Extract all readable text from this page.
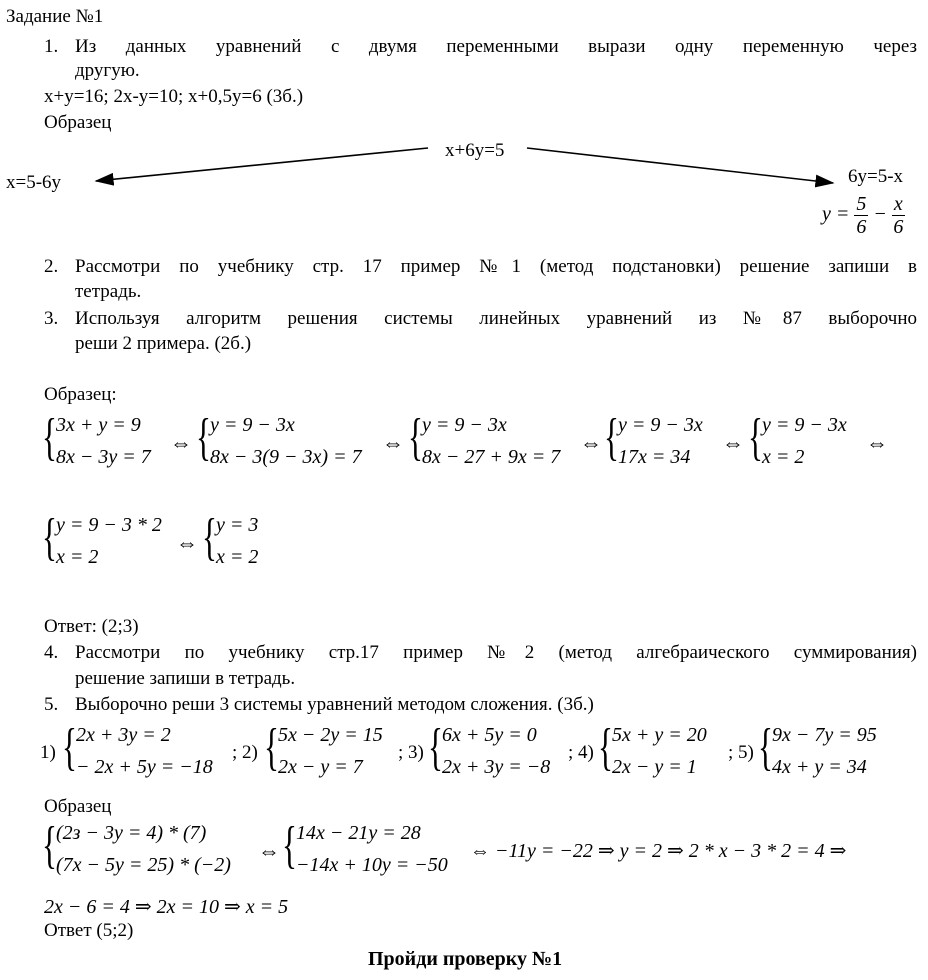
Задание №1
1. Из данных уравнений с двумя переменными вырази одну переменную через
другую.
x+y=16; 2x-y=10; x+0,5y=6 (3б.)
Образец
x+6y=5
x=5-6y	6y=5-x
$y = \frac{5}{6} - \frac{x}{6}$
2. Рассмотри по учебнику стр. 17 пример №1 (метод подстановки) решение запиши в
тетрадь.
3. Используя алгоритм решения системы линейных уравнений из №87 выборочно
реши 2 примера. (2б.)
Образец:
{ 3x + y = 9
8x − 3y = 7
⇔ { y = 9 − 3x
8x − 3(9 − 3x) = 7
⇔ { y = 9 − 3x
8x − 27 + 9x = 7
⇔ { y = 9 − 3x
17x = 34
⇔ { y = 9 − 3x
x = 2
⇔
{ y = 9 − 3 * 2
x = 2
⇔ { y = 3
x = 2
Ответ: (2;3)
4. Рассмотри по учебнику стр.17 пример №2 (метод алгебраического суммирования)
решение запиши в тетрадь.
5. Выборочно реши 3 системы уравнений методом сложения. (3б.)
1) { 2x + 3y = 2
− 2x + 5y = −18
; 2) { 5x − 2y = 15
2x − y = 7
; 3) { 6x + 5y = 0
2x + 3y = −8
; 4) { 5x + y = 20
2x − y = 1
; 5) { 9x − 7y = 95
4x + y = 34
Образец
{ (2з − 3y = 4) * (7)
(7x − 5y = 25) * (−2)
⇔ { 14x − 21y = 28
−14x + 10y = −50
⇔ −11y = −22 ⇒ y = 2 ⇒ 2 * x − 3 * 2 = 4 ⇒
2x − 6 = 4 ⇒ 2x = 10 ⇒ x = 5
Ответ (5;2)
Пройди проверку №1
